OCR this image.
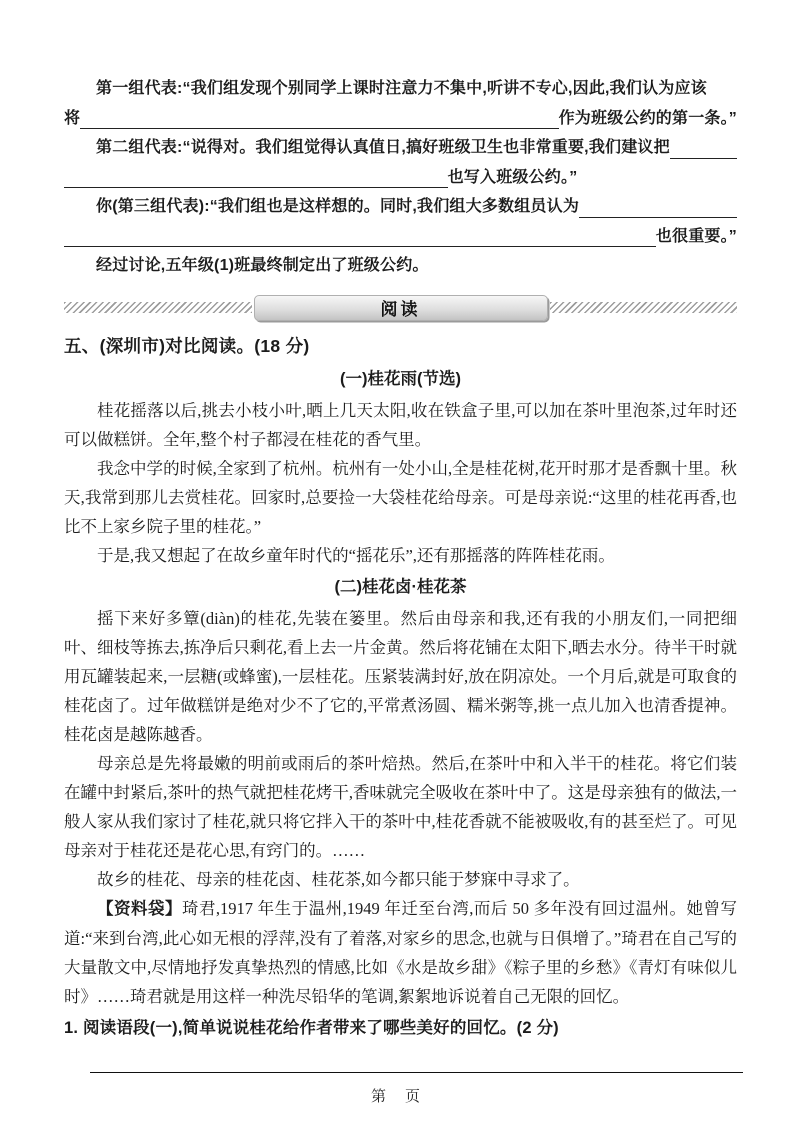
第一组代表:“我们组发现个别同学上课时注意力不集中,听讲不专心,因此,我们认为应该
将	作为班级公约的第一条。”
第二组代表:“说得对。我们组觉得认真值日,搞好班级卫生也非常重要,我们建议把
也写入班级公约。”
你(第三组代表):“我们组也是这样想的。同时,我们组大多数组员认为
也很重要。”
经过讨论,五年级(1)班最终制定出了班级公约。
阅读
五、(深圳市)对比阅读。(18 分)
(一)桂花雨(节选)

桂花摇落以后,挑去小枝小叶,晒上几天太阳,收在铁盒子里,可以加在茶叶里泡茶,过年时还可以做糕饼。全年,整个村子都浸在桂花的香气里。

我念中学的时候,全家到了杭州。杭州有一处小山,全是桂花树,花开时那才是香飘十里。秋天,我常到那儿去赏桂花。回家时,总要捡一大袋桂花给母亲。可是母亲说:“这里的桂花再香,也比不上家乡院子里的桂花。”

于是,我又想起了在故乡童年时代的“摇花乐”,还有那摇落的阵阵桂花雨。

(二)桂花卤·桂花茶

摇下来好多簟(diàn)的桂花,先装在篓里。然后由母亲和我,还有我的小朋友们,一同把细叶、细枝等拣去,拣净后只剩花,看上去一片金黄。然后将花铺在太阳下,晒去水分。待半干时就用瓦罐装起来,一层糖(或蜂蜜),一层桂花。压紧装满封好,放在阴凉处。一个月后,就是可取食的桂花卤了。过年做糕饼是绝对少不了它的,平常煮汤圆、糯米粥等,挑一点儿加入也清香提神。桂花卤是越陈越香。

母亲总是先将最嫩的明前或雨后的茶叶焙热。然后,在茶叶中和入半干的桂花。将它们装在罐中封紧后,茶叶的热气就把桂花烤干,香味就完全吸收在茶叶中了。这是母亲独有的做法,一般人家从我们家讨了桂花,就只将它拌入干的茶叶中,桂花香就不能被吸收,有的甚至烂了。可见母亲对于桂花还是花心思,有窍门的。……

故乡的桂花、母亲的桂花卤、桂花茶,如今都只能于梦寐中寻求了。

【资料袋】琦君,1917 年生于温州,1949 年迁至台湾,而后 50 多年没有回过温州。她曾写道:“来到台湾,此心如无根的浮萍,没有了着落,对家乡的思念,也就与日俱增了。”琦君在自己写的大量散文中,尽情地抒发真挚热烈的情感,比如《水是故乡甜》《粽子里的乡愁》《青灯有味似儿时》……琦君就是用这样一种洗尽铅华的笔调,絮絮地诉说着自己无限的回忆。

1. 阅读语段(一),简单说说桂花给作者带来了哪些美好的回忆。(2 分)
第　页
